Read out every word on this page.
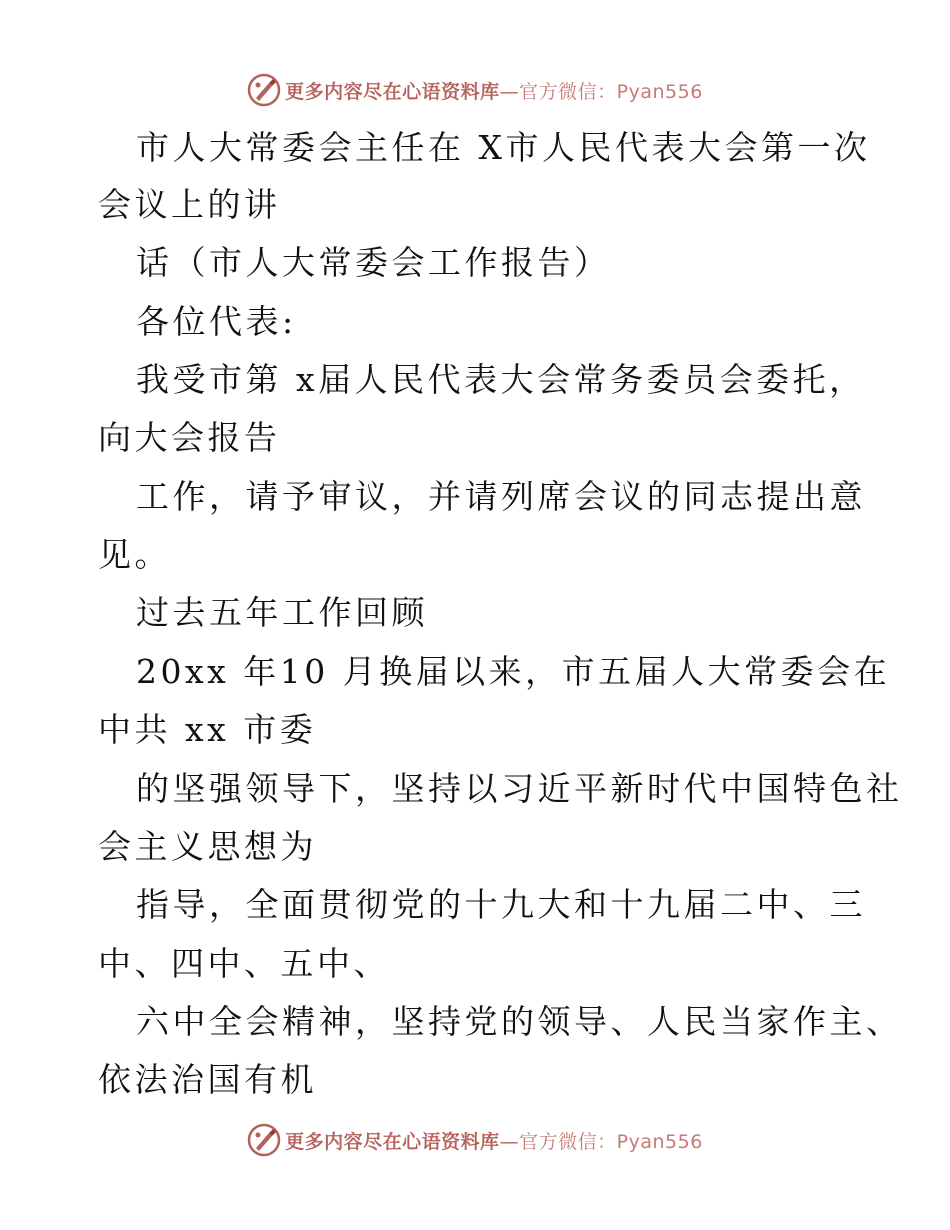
更多内容尽在心语资料库—官方微信：Pyan556
市人大常委会主任在 X市人民代表大会第一次
会议上的讲
话（市人大常委会工作报告）
各位代表:
我受市第 x届人民代表大会常务委员会委托，
向大会报告
工作，请予审议，并请列席会议的同志提出意
见。
过去五年工作回顾
20xx 年10 月换届以来，市五届人大常委会在
中共 xx 市委
的坚强领导下，坚持以习近平新时代中国特色社
会主义思想为
指导，全面贯彻党的十九大和十九届二中、三
中、四中、五中、
六中全会精神，坚持党的领导、人民当家作主、
依法治国有机
更多内容尽在心语资料库—官方微信：Pyan556
